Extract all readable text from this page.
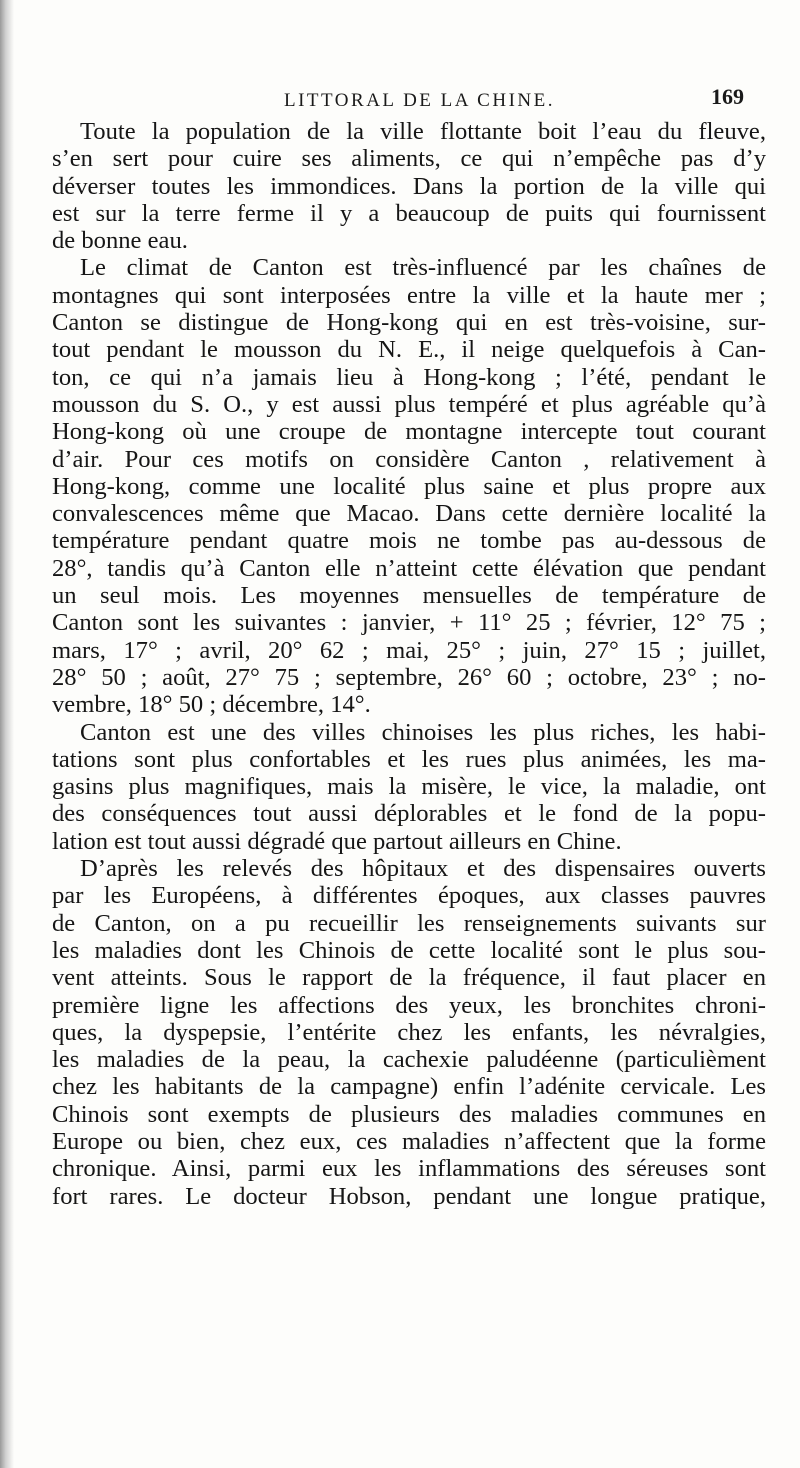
LITTORAL DE LA CHINE.	169
Toute la population de la ville flottante boit l’eau du fleuve,
s’en sert pour cuire ses aliments, ce qui n’empêche pas d’y
déverser toutes les immondices. Dans la portion de la ville qui
est sur la terre ferme il y a beaucoup de puits qui fournissent
de bonne eau.
Le climat de Canton est très-influencé par les chaînes de
montagnes qui sont interposées entre la ville et la haute mer ;
Canton se distingue de Hong-kong qui en est très-voisine, sur-
tout pendant le mousson du N. E., il neige quelquefois à Can-
ton, ce qui n’a jamais lieu à Hong-kong ; l’été, pendant le
mousson du S. O., y est aussi plus tempéré et plus agréable qu’à
Hong-kong où une croupe de montagne intercepte tout courant
d’air. Pour ces motifs on considère Canton , relativement à
Hong-kong, comme une localité plus saine et plus propre aux
convalescences même que Macao. Dans cette dernière localité la
température pendant quatre mois ne tombe pas au-dessous de
28°, tandis qu’à Canton elle n’atteint cette élévation que pendant
un seul mois. Les moyennes mensuelles de température de
Canton sont les suivantes : janvier, + 11° 25 ; février, 12° 75 ;
mars, 17° ; avril, 20° 62 ; mai, 25° ; juin, 27° 15 ; juillet,
28° 50 ; août, 27° 75 ; septembre, 26° 60 ; octobre, 23° ; no-
vembre, 18° 50 ; décembre, 14°.
Canton est une des villes chinoises les plus riches, les habi-
tations sont plus confortables et les rues plus animées, les ma-
gasins plus magnifiques, mais la misère, le vice, la maladie, ont
des conséquences tout aussi déplorables et le fond de la popu-
lation est tout aussi dégradé que partout ailleurs en Chine.
D’après les relevés des hôpitaux et des dispensaires ouverts
par les Européens, à différentes époques, aux classes pauvres
de Canton, on a pu recueillir les renseignements suivants sur
les maladies dont les Chinois de cette localité sont le plus sou-
vent atteints. Sous le rapport de la fréquence, il faut placer en
première ligne les affections des yeux, les bronchites chroni-
ques, la dyspepsie, l’entérite chez les enfants, les névralgies,
les maladies de la peau, la cachexie paludéenne (particulièment
chez les habitants de la campagne) enfin l’adénite cervicale. Les
Chinois sont exempts de plusieurs des maladies communes en
Europe ou bien, chez eux, ces maladies n’affectent que la forme
chronique. Ainsi, parmi eux les inflammations des séreuses sont
fort rares. Le docteur Hobson, pendant une longue pratique,
